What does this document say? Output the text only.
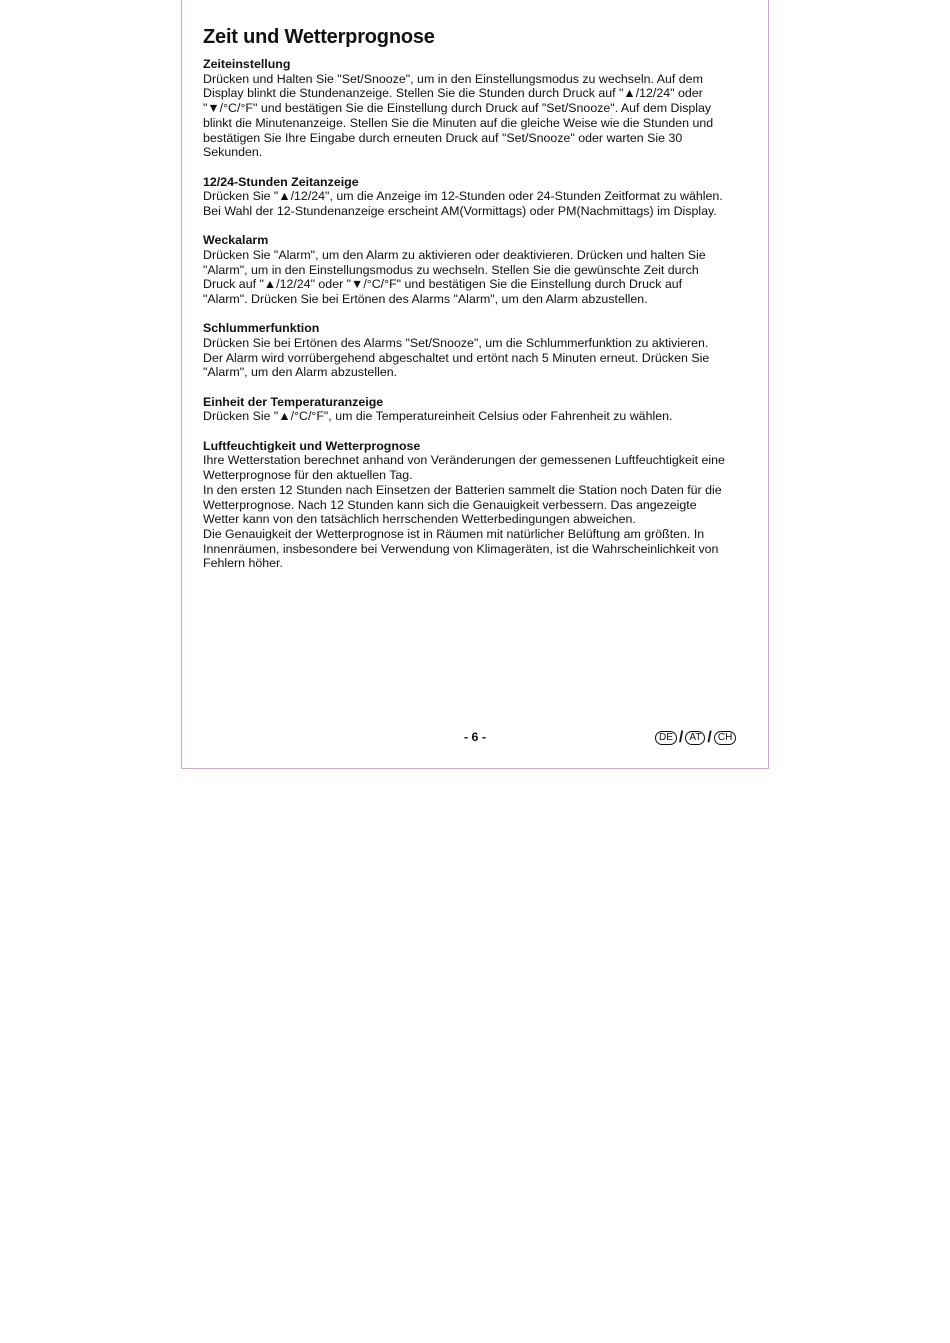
Zeit und Wetterprognose

Zeiteinstellung

Drücken und Halten Sie "Set/Snooze", um in den Einstellungsmodus zu wechseln. Auf dem

Display blinkt die Stundenanzeige. Stellen Sie die Stunden durch Druck auf "▲/12/24" oder

"▼/°C/°F" und bestätigen Sie die Einstellung durch Druck auf "Set/Snooze". Auf dem Display

blinkt die Minutenanzeige. Stellen Sie die Minuten auf die gleiche Weise wie die Stunden und

bestätigen Sie Ihre Eingabe durch erneuten Druck auf "Set/Snooze" oder warten Sie 30

Sekunden.

12/24-Stunden Zeitanzeige

Drücken Sie "▲/12/24", um die Anzeige im 12-Stunden oder 24-Stunden Zeitformat zu wählen.

Bei Wahl der 12-Stundenanzeige erscheint AM(Vormittags) oder PM(Nachmittags) im Display.

Weckalarm

Drücken Sie "Alarm", um den Alarm zu aktivieren oder deaktivieren. Drücken und halten Sie

"Alarm", um in den Einstellungsmodus zu wechseln. Stellen Sie die gewünschte Zeit durch

Druck auf "▲/12/24" oder "▼/°C/°F" und bestätigen Sie die Einstellung durch Druck auf

"Alarm". Drücken Sie bei Ertönen des Alarms "Alarm", um den Alarm abzustellen.

Schlummerfunktion

Drücken Sie bei Ertönen des Alarms "Set/Snooze", um die Schlummerfunktion zu aktivieren.

Der Alarm wird vorrübergehend abgeschaltet und ertönt nach 5 Minuten erneut. Drücken Sie

"Alarm", um den Alarm abzustellen.

Einheit der Temperaturanzeige

Drücken Sie "▲/°C/°F", um die Temperatureinheit Celsius oder Fahrenheit zu wählen.

Luftfeuchtigkeit und Wetterprognose

Ihre Wetterstation berechnet anhand von Veränderungen der gemessenen Luftfeuchtigkeit eine

Wetterprognose für den aktuellen Tag.

In den ersten 12 Stunden nach Einsetzen der Batterien sammelt die Station noch Daten für die

Wetterprognose. Nach 12 Stunden kann sich die Genauigkeit verbessern. Das angezeigte

Wetter kann von den tatsächlich herrschenden Wetterbedingungen abweichen.

Die Genauigkeit der Wetterprognose ist in Räumen mit natürlicher Belüftung am größten. In

Innenräumen, insbesondere bei Verwendung von Klimageräten, ist die Wahrscheinlichkeit von

Fehlern höher.

- 6 -	DE / AT / CH
